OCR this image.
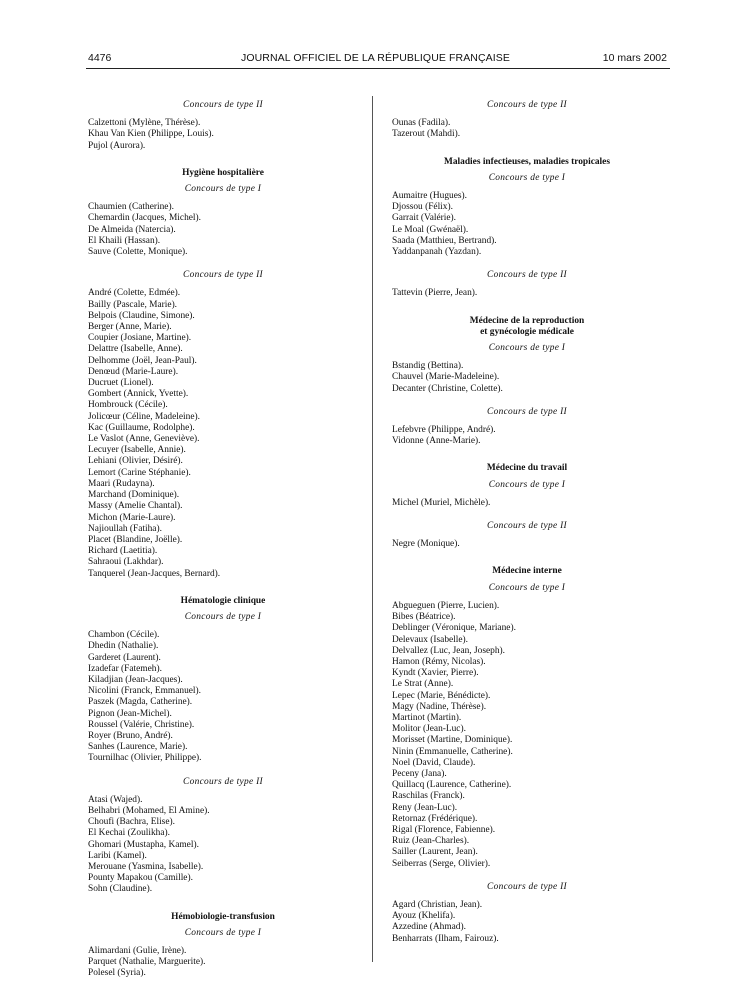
4476	JOURNAL OFFICIEL DE LA RÉPUBLIQUE FRANÇAISE	10 mars 2002
Concours de type II
Calzettoni (Mylène, Thérèse).
Khau Van Kien (Philippe, Louis).
Pujol (Aurora).
Hygiène hospitalière
Concours de type I
Chaumien (Catherine).
Chemardin (Jacques, Michel).
De Almeida (Natercia).
El Khaili (Hassan).
Sauve (Colette, Monique).
Concours de type II
André (Colette, Edmée).
Bailly (Pascale, Marie).
Belpois (Claudine, Simone).
Berger (Anne, Marie).
Coupier (Josiane, Martine).
Delattre (Isabelle, Anne).
Delhomme (Joël, Jean-Paul).
Denœud (Marie-Laure).
Ducruet (Lionel).
Gombert (Annick, Yvette).
Hombrouck (Cécile).
Jolicœur (Céline, Madeleine).
Kac (Guillaume, Rodolphe).
Le Vaslot (Anne, Geneviève).
Lecuyer (Isabelle, Annie).
Lehiani (Olivier, Désiré).
Lemort (Carine Stéphanie).
Maari (Rudayna).
Marchand (Dominique).
Massy (Amelie Chantal).
Michon (Marie-Laure).
Najioullah (Fatiha).
Placet (Blandine, Joëlle).
Richard (Laetitia).
Sahraoui (Lakhdar).
Tanquerel (Jean-Jacques, Bernard).
Hématologie clinique
Concours de type I
Chambon (Cécile).
Dhedin (Nathalie).
Garderet (Laurent).
Izadefar (Fatemeh).
Kiladjian (Jean-Jacques).
Nicolini (Franck, Emmanuel).
Paszek (Magda, Catherine).
Pignon (Jean-Michel).
Roussel (Valérie, Christine).
Royer (Bruno, André).
Sanhes (Laurence, Marie).
Tournilhac (Olivier, Philippe).
Concours de type II
Atasi (Wajed).
Belhabri (Mohamed, El Amine).
Choufi (Bachra, Elise).
El Kechai (Zoulikha).
Ghomari (Mustapha, Kamel).
Laribi (Kamel).
Merouane (Yasmina, Isabelle).
Pounty Mapakou (Camille).
Sohn (Claudine).
Hémobiologie-transfusion
Concours de type I
Alimardani (Gulie, Irène).
Parquet (Nathalie, Marguerite).
Polesel (Syria).
Concours de type II
Ounas (Fadila).
Tazerout (Mahdi).
Maladies infectieuses, maladies tropicales
Concours de type I
Aumaitre (Hugues).
Djossou (Félix).
Garrait (Valérie).
Le Moal (Gwénaël).
Saada (Matthieu, Bertrand).
Yaddanpanah (Yazdan).
Concours de type II
Tattevin (Pierre, Jean).
Médecine de la reproduction
et gynécologie médicale
Concours de type I
Bstandig (Bettina).
Chauvel (Marie-Madeleine).
Decanter (Christine, Colette).
Concours de type II
Lefebvre (Philippe, André).
Vidonne (Anne-Marie).
Médecine du travail
Concours de type I
Michel (Muriel, Michèle).
Concours de type II
Negre (Monique).
Médecine interne
Concours de type I
Abgueguen (Pierre, Lucien).
Bibes (Béatrice).
Deblinger (Véronique, Mariane).
Delevaux (Isabelle).
Delvallez (Luc, Jean, Joseph).
Hamon (Rémy, Nicolas).
Kyndt (Xavier, Pierre).
Le Strat (Anne).
Lepec (Marie, Bénédicte).
Magy (Nadine, Thérèse).
Martinot (Martin).
Molitor (Jean-Luc).
Morisset (Martine, Dominique).
Ninin (Emmanuelle, Catherine).
Noel (David, Claude).
Peceny (Jana).
Quillacq (Laurence, Catherine).
Raschilas (Franck).
Reny (Jean-Luc).
Retornaz (Frédérique).
Rigal (Florence, Fabienne).
Ruiz (Jean-Charles).
Sailler (Laurent, Jean).
Seiberras (Serge, Olivier).
Concours de type II
Agard (Christian, Jean).
Ayouz (Khelifa).
Azzedine (Ahmad).
Benharrats (Ilham, Fairouz).
